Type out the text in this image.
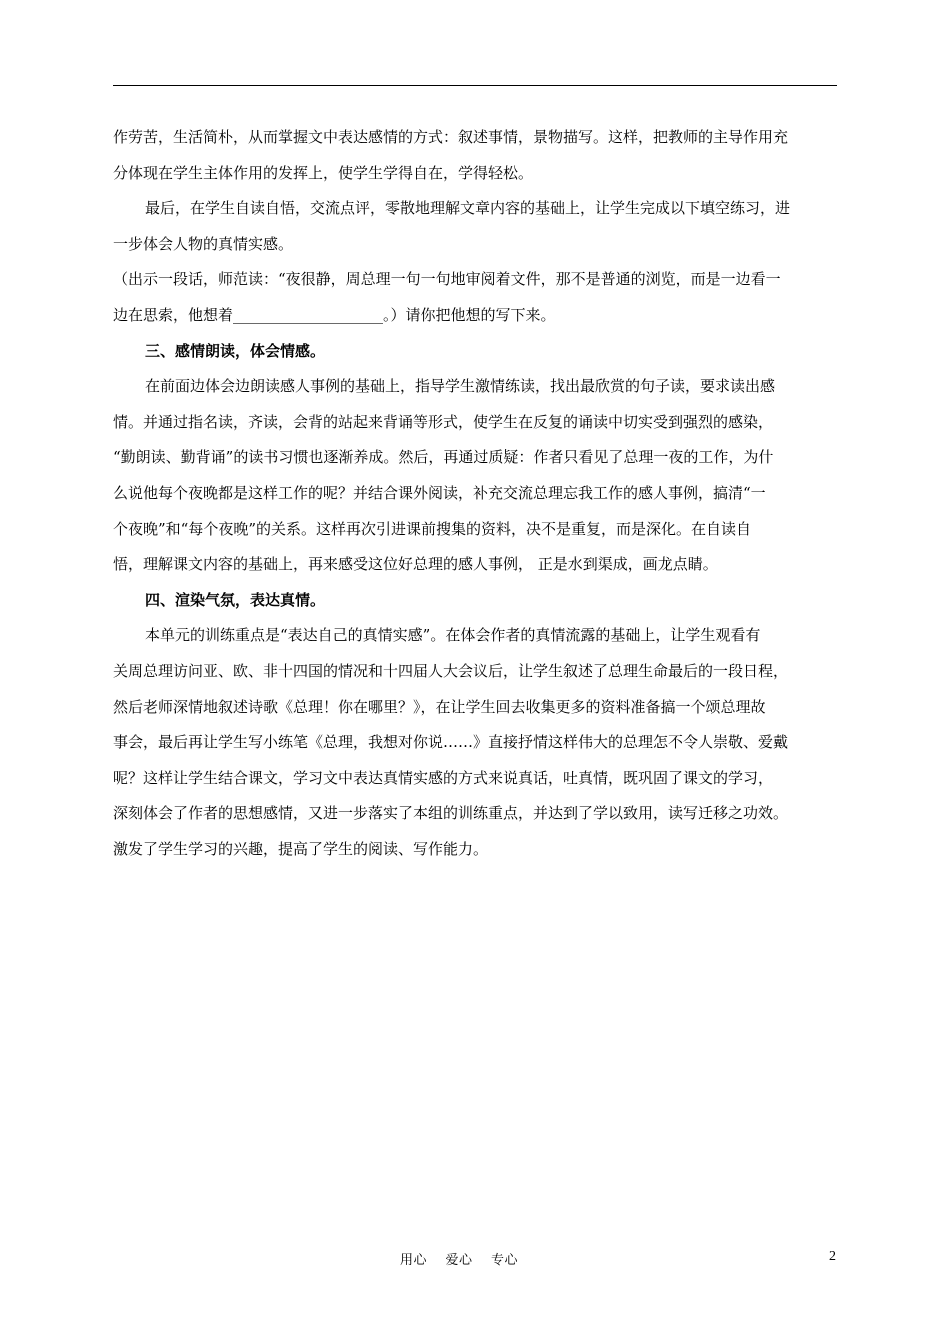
作劳苦，生活简朴，从而掌握文中表达感情的方式：叙述事情，景物描写。这样，把教师的主导作用充
分体现在学生主体作用的发挥上，使学生学得自在，学得轻松。
最后，在学生自读自悟，交流点评，零散地理解文章内容的基础上，让学生完成以下填空练习，进
一步体会人物的真情实感。
（出示一段话，师范读：“夜很静，周总理一句一句地审阅着文件，那不是普通的浏览，而是一边看一
边在思索，他想着____________________。）请你把他想的写下来。
三、感情朗读，体会情感。
在前面边体会边朗读感人事例的基础上，指导学生激情练读，找出最欣赏的句子读，要求读出感
情。并通过指名读，齐读，会背的站起来背诵等形式，使学生在反复的诵读中切实受到强烈的感染，
“勤朗读、勤背诵”的读书习惯也逐渐养成。然后，再通过质疑：作者只看见了总理一夜的工作，为什
么说他每个夜晚都是这样工作的呢？并结合课外阅读，补充交流总理忘我工作的感人事例，搞清“一
个夜晚”和“每个夜晚”的关系。这样再次引进课前搜集的资料，决不是重复，而是深化。在自读自
悟，理解课文内容的基础上，再来感受这位好总理的感人事例， 正是水到渠成，画龙点睛。
四、渲染气氛，表达真情。
本单元的训练重点是“表达自己的真情实感”。在体会作者的真情流露的基础上，让学生观看有
关周总理访问亚、欧、非十四国的情况和十四届人大会议后，让学生叙述了总理生命最后的一段日程，
然后老师深情地叙述诗歌《总理！你在哪里？》，在让学生回去收集更多的资料准备搞一个颂总理故
事会，最后再让学生写小练笔《总理，我想对你说……》直接抒情这样伟大的总理怎不令人崇敬、爱戴
呢？这样让学生结合课文，学习文中表达真情实感的方式来说真话，吐真情，既巩固了课文的学习，
深刻体会了作者的思想感情，又进一步落实了本组的训练重点，并达到了学以致用，读写迁移之功效。
激发了学生学习的兴趣，提高了学生的阅读、写作能力。
用心    爱心    专心	2
